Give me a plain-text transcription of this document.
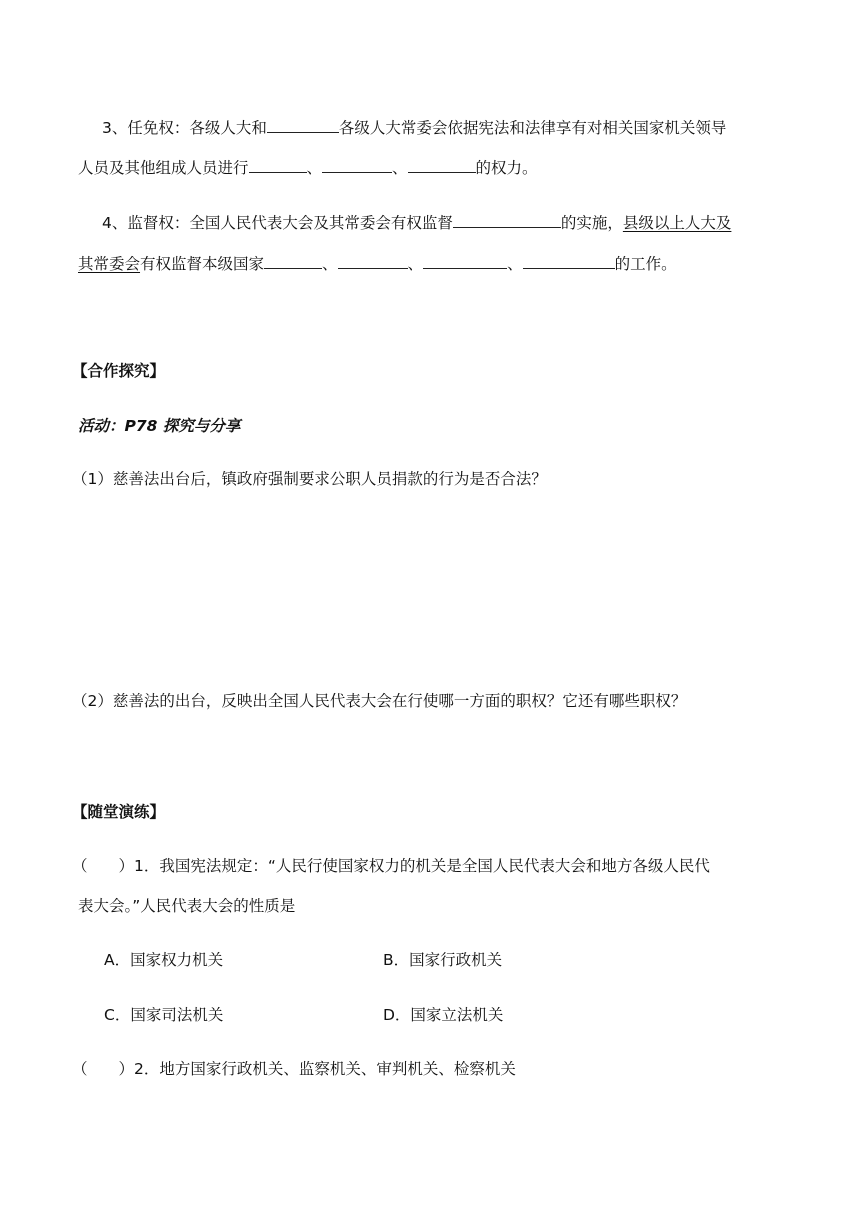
3、任免权：各级人大和	各级人大常委会依据宪法和法律享有对相关国家机关领导
人员及其他组成人员进行	、	、	的权力。
4、监督权：全国人民代表大会及其常委会有权监督	的实施，县级以上人大及
其常委会有权监督本级国家	、	、	、	的工作。
【合作探究】
活动：P78 探究与分享
（1）慈善法出台后，镇政府强制要求公职人员捐款的行为是否合法？
（2）慈善法的出台，反映出全国人民代表大会在行使哪一方面的职权？它还有哪些职权？
【随堂演练】
（　　）1．我国宪法规定：“人民行使国家权力的机关是全国人民代表大会和地方各级人民代
表大会。”人民代表大会的性质是
A．国家权力机关	B．国家行政机关
C．国家司法机关	D．国家立法机关
（　　）2．地方国家行政机关、监察机关、审判机关、检察机关
